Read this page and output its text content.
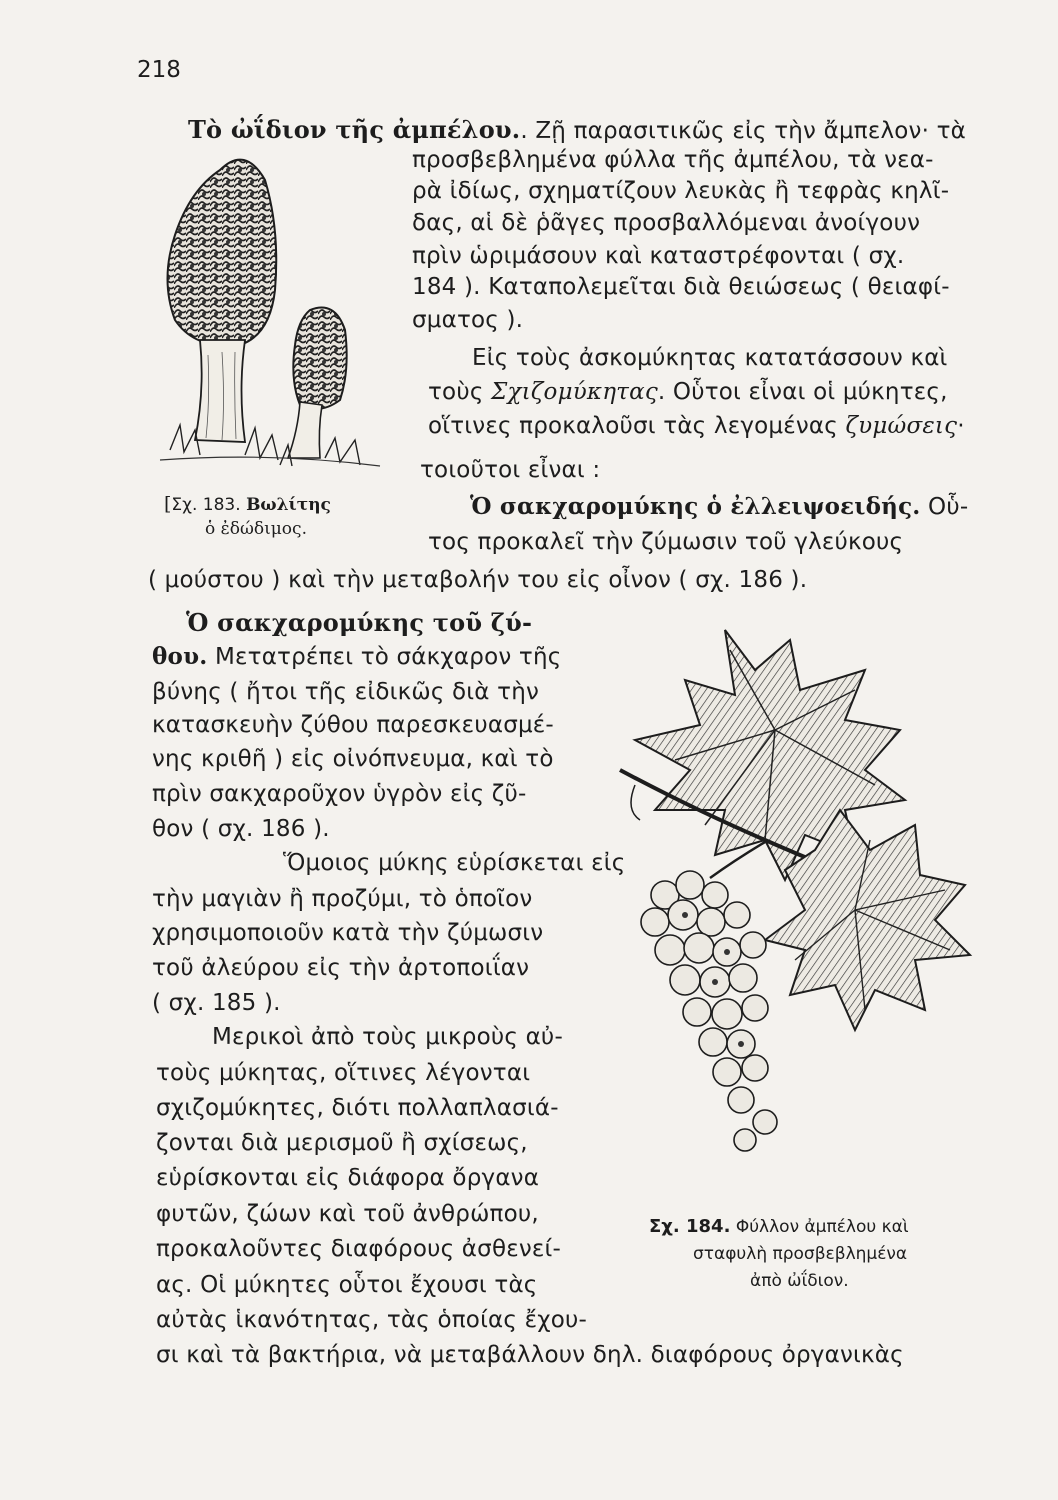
218
Τὸ ὠΐδιον τῆς ἀμπέλου.. Ζῇ παρασιτικῶς εἰς τὴν ἄμπελον· τὰ
προσβεβλημένα φύλλα τῆς ἀμπέλου, τὰ νεα-
ρὰ ἰδίως, σχηματίζουν λευκὰς ἢ τεφρὰς κηλῖ-
δας, αἱ δὲ ῥᾶγες προσβαλλόμεναι ἀνοίγουν
πρὶν ὡριμάσουν καὶ καταστρέφονται ( σχ.
184 ). Καταπολεμεῖται διὰ θειώσεως ( θειαφί-
σματος ).
Εἰς τοὺς ἀσκομύκητας κατατάσσουν καὶ
τοὺς Σχιζομύκητας. Οὗτοι εἶναι οἱ μύκητες,
οἵτινες προκαλοῦσι τὰς λεγομένας ζυμώσεις·
τοιοῦτοι εἶναι :
[Σχ. 183. Βωλίτης
ὁ ἐδώδιμος.
Ὁ σακχαρομύκης ὁ ἐλλειψοειδής. Οὗ-
τος προκαλεῖ τὴν ζύμωσιν τοῦ γλεύκους
( μούστου ) καὶ τὴν μεταβολήν του εἰς οἶνον ( σχ. 186 ).
Ὁ σακχαρομύκης τοῦ ζύ-
θου. Μετατρέπει τὸ σάκχαρον τῆς
βύνης ( ἤτοι τῆς εἰδικῶς διὰ τὴν
κατασκευὴν ζύθου παρεσκευασμέ-
νης κριθῆ ) εἰς οἰνόπνευμα, καὶ τὸ
πρὶν σακχαροῦχον ὑγρὸν εἰς ζῦ-
θον ( σχ. 186 ).
Ὅμοιος μύκης εὑρίσκεται εἰς
τὴν μαγιὰν ἢ προζύμι, τὸ ὁποῖον
χρησιμοποιοῦν κατὰ τὴν ζύμωσιν
τοῦ ἀλεύρου εἰς τὴν ἀρτοποιΐαν
( σχ. 185 ).
Μερικοὶ ἀπὸ τοὺς μικροὺς αὐ-
τοὺς μύκητας, οἵτινες λέγονται
σχιζομύκητες, διότι πολλαπλασιά-
ζονται διὰ μερισμοῦ ἢ σχίσεως,
εὑρίσκονται εἰς διάφορα ὄργανα
φυτῶν, ζώων καὶ τοῦ ἀνθρώπου,
προκαλοῦντες διαφόρους ἀσθενεί-
ας. Οἱ μύκητες οὗτοι ἔχουσι τὰς
αὐτὰς ἱκανότητας, τὰς ὁποίας ἔχου-
σι καὶ τὰ βακτήρια, νὰ μεταβάλλουν δηλ. διαφόρους ὀργανικὰς
Σχ. 184. Φύλλον ἀμπέλου καὶ
σταφυλὴ προσβεβλημένα
ἀπὸ ὠΐδιον.
